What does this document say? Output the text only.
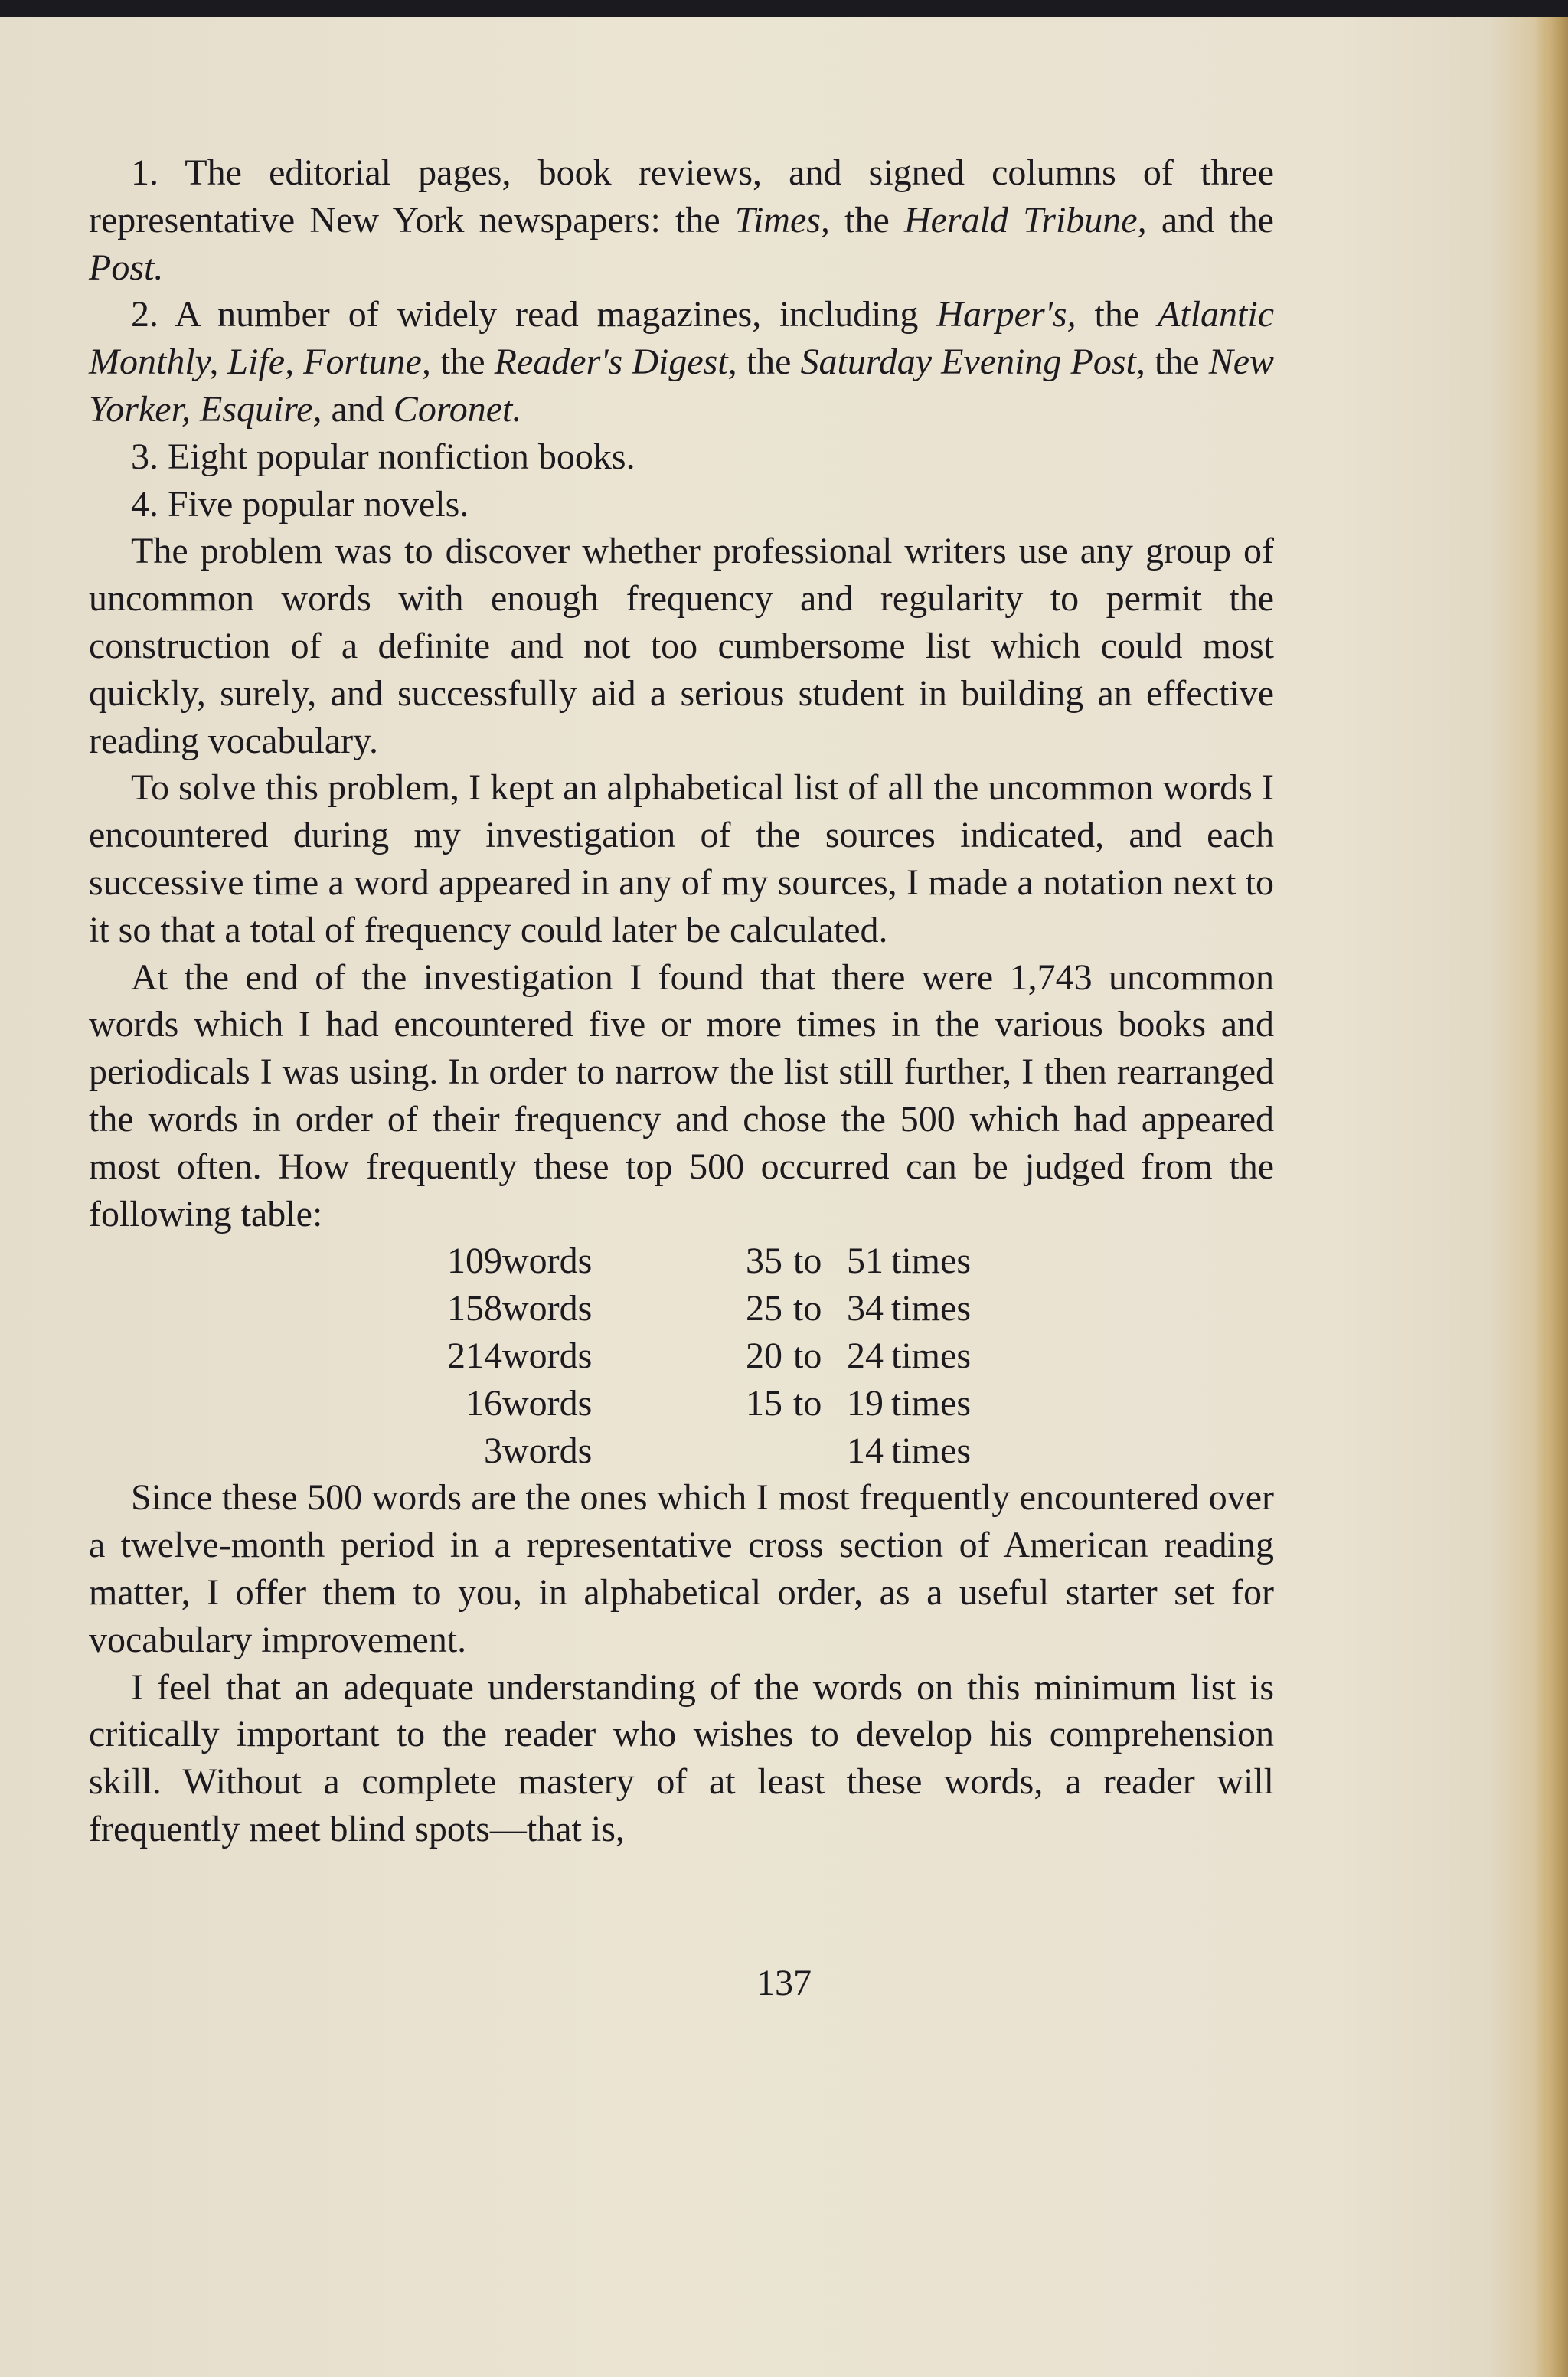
1. The editorial pages, book reviews, and signed columns of three representative New York newspapers: the Times, the Herald Tribune, and the Post.

2. A number of widely read magazines, including Harper's, the Atlantic Monthly, Life, Fortune, the Reader's Digest, the Saturday Evening Post, the New Yorker, Esquire, and Coronet.

3. Eight popular nonfiction books.

4. Five popular novels.

The problem was to discover whether professional writers use any group of uncommon words with enough frequency and regularity to permit the construction of a definite and not too cumbersome list which could most quickly, surely, and successfully aid a serious student in building an effective reading vocabulary.

To solve this problem, I kept an alphabetical list of all the uncommon words I encountered during my investigation of the sources indicated, and each successive time a word appeared in any of my sources, I made a notation next to it so that a total of frequency could later be calculated.

At the end of the investigation I found that there were 1,743 uncommon words which I had encountered five or more times in the various books and periodicals I was using. In order to narrow the list still further, I then rearranged the words in order of their frequency and chose the 500 which had appeared most often. How frequently these top 500 occurred can be judged from the following table:

109 words	35 to 51 times
158 words	25 to 34 times
214 words	20 to 24 times
16 words	15 to 19 times
3 words	14 times

Since these 500 words are the ones which I most frequently encountered over a twelve-month period in a representative cross section of American reading matter, I offer them to you, in alphabetical order, as a useful starter set for vocabulary improvement.

I feel that an adequate understanding of the words on this minimum list is critically important to the reader who wishes to develop his comprehension skill. Without a complete mastery of at least these words, a reader will frequently meet blind spots—that is,

137
